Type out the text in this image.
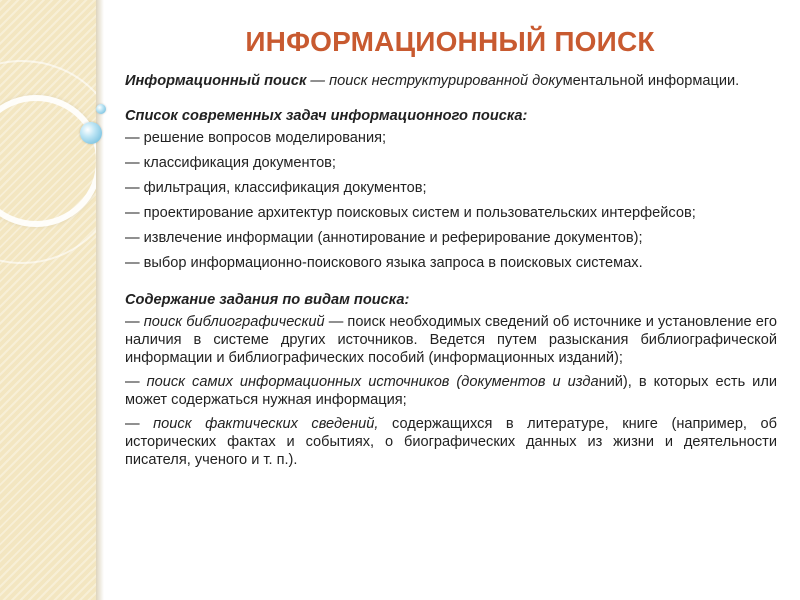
ИНФОРМАЦИОННЫЙ ПОИСК

Информационный поиск — поиск неструктурированной документальной информации.

Список современных задач информационного поиска:

— решение вопросов моделирования;

— классификация документов;

— фильтрация, классификация документов;

— проектирование архитектур поисковых систем и пользовательских интерфейсов;

— извлечение информации (аннотирование и реферирование документов);

— выбор информационно-поискового языка запроса в поисковых системах.

Содержание задания по видам поиска:

— поиск библиографический — поиск необходимых сведений об источнике и установление его наличия в системе других источников. Ведется путем разыскания библиографической информации и библиографических пособий (информационных изданий);

— поиск самих информационных источников (документов и изданий), в которых есть или может содержаться нужная информация;

— поиск фактических сведений, содержащихся в литературе, книге (например, об исторических фактах и событиях, о биографических данных из жизни и деятельности писателя, ученого и т. п.).
